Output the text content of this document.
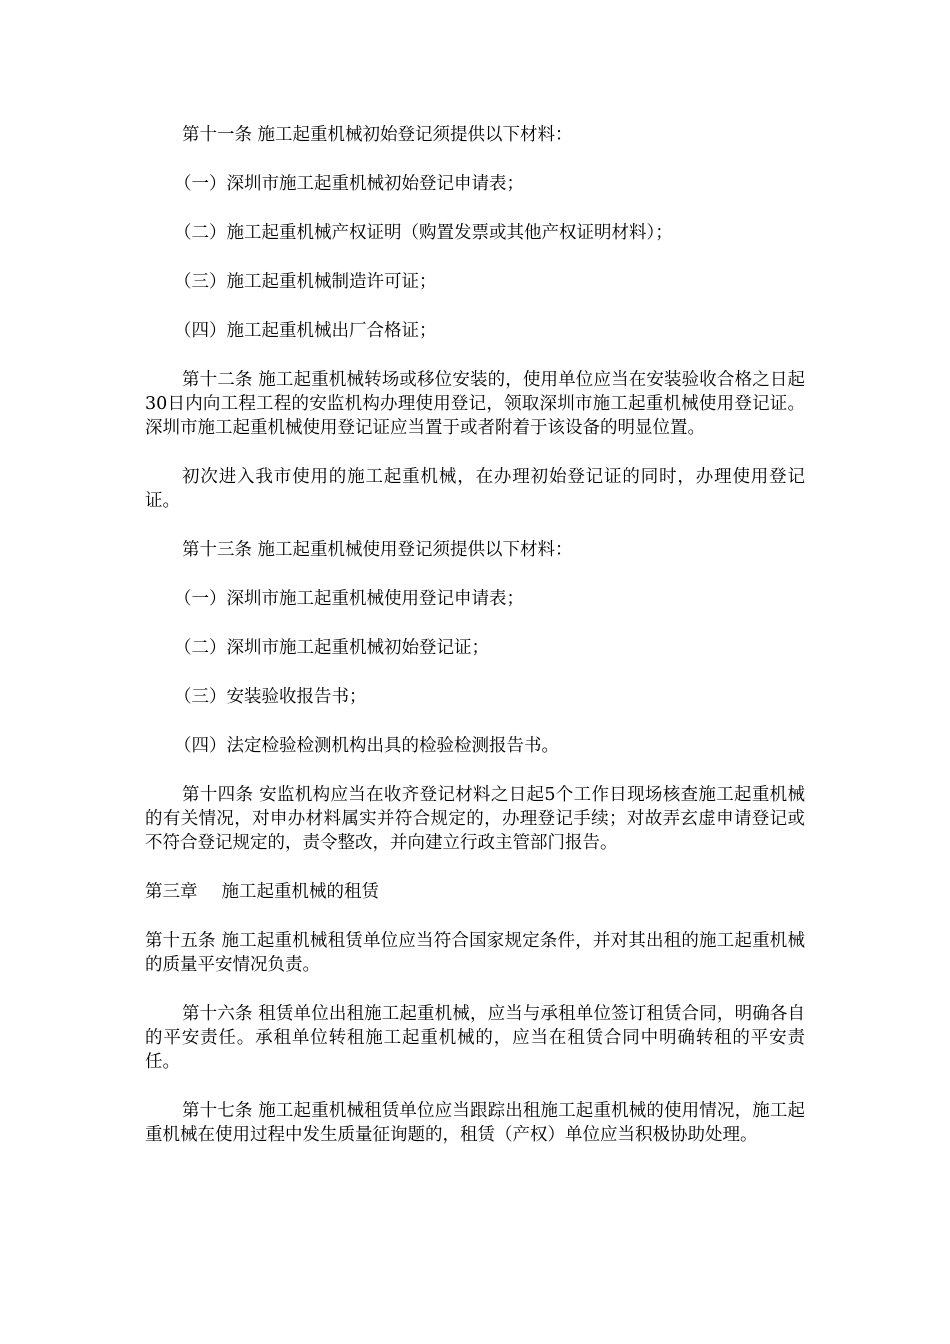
第十一条 施工起重机械初始登记须提供以下材料：

（一）深圳市施工起重机械初始登记申请表；

（二）施工起重机械产权证明（购置发票或其他产权证明材料）；

（三）施工起重机械制造许可证；

（四）施工起重机械出厂合格证；

第十二条 施工起重机械转场或移位安装的，使用单位应当在安装验收合格之日起30日内向工程工程的安监机构办理使用登记，领取深圳市施工起重机械使用登记证。深圳市施工起重机械使用登记证应当置于或者附着于该设备的明显位置。

初次进入我市使用的施工起重机械，在办理初始登记证的同时，办理使用登记证。

第十三条 施工起重机械使用登记须提供以下材料：

（一）深圳市施工起重机械使用登记申请表；

（二）深圳市施工起重机械初始登记证；

（三）安装验收报告书；

（四）法定检验检测机构出具的检验检测报告书。

第十四条 安监机构应当在收齐登记材料之日起5个工作日现场核查施工起重机械的有关情况，对申办材料属实并符合规定的，办理登记手续；对故弄玄虚申请登记或不符合登记规定的，责令整改，并向建立行政主管部门报告。

第三章 施工起重机械的租赁

第十五条 施工起重机械租赁单位应当符合国家规定条件，并对其出租的施工起重机械的质量平安情况负责。

第十六条 租赁单位出租施工起重机械，应当与承租单位签订租赁合同，明确各自的平安责任。承租单位转租施工起重机械的，应当在租赁合同中明确转租的平安责任。

第十七条 施工起重机械租赁单位应当跟踪出租施工起重机械的使用情况，施工起重机械在使用过程中发生质量征询题的，租赁（产权）单位应当积极协助处理。
